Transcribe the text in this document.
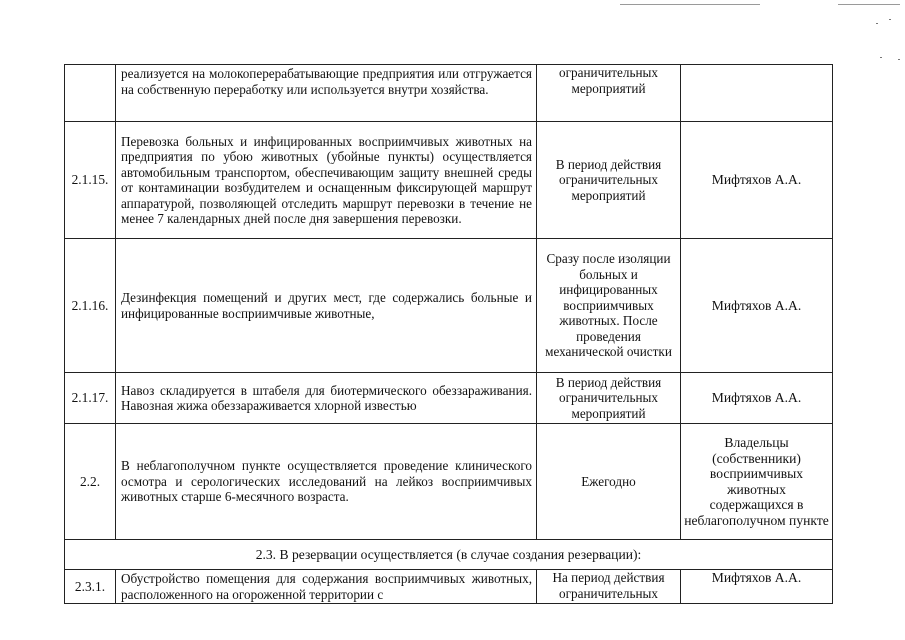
	реализуется на молокоперерабатывающие предприятия или отгружается на собственную переработку или используется внутри хозяйства.	ограничительных мероприятий	
2.1.15.	Перевозка больных и инфицированных восприимчивых животных на предприятия по убою животных (убойные пункты) осуществляется автомобильным транспортом, обеспечивающим защиту внешней среды от контаминации возбудителем и оснащенным фиксирующей маршрут аппаратурой, позволяющей отследить маршрут перевозки в течение не менее 7 календарных дней после дня завершения перевозки.	В период действия ограничительных мероприятий	Мифтяхов А.А.
2.1.16.	Дезинфекция помещений и других мест, где содержались больные и инфицированные восприимчивые животные,	Сразу после изоляции больных и инфицированных восприимчивых животных. После проведения механической очистки	Мифтяхов А.А.
2.1.17.	Навоз складируется в штабеля для биотермического обеззараживания. Навозная жижа обеззараживается хлорной известью	В период действия ограничительных мероприятий	Мифтяхов А.А.
2.2.	В неблагополучном пункте осуществляется проведение клинического осмотра и серологических исследований на лейкоз восприимчивых животных старше 6-месячного возраста.	Ежегодно	Владельцы (собственники) восприимчивых животных содержащихся в неблагополучном пункте
2.3. В резервации осуществляется (в случае создания резервации):			
2.3.1.	Обустройство помещения для содержания восприимчивых животных, расположенного на огороженной территории с	На период действия ограничительных	Мифтяхов А.А.
